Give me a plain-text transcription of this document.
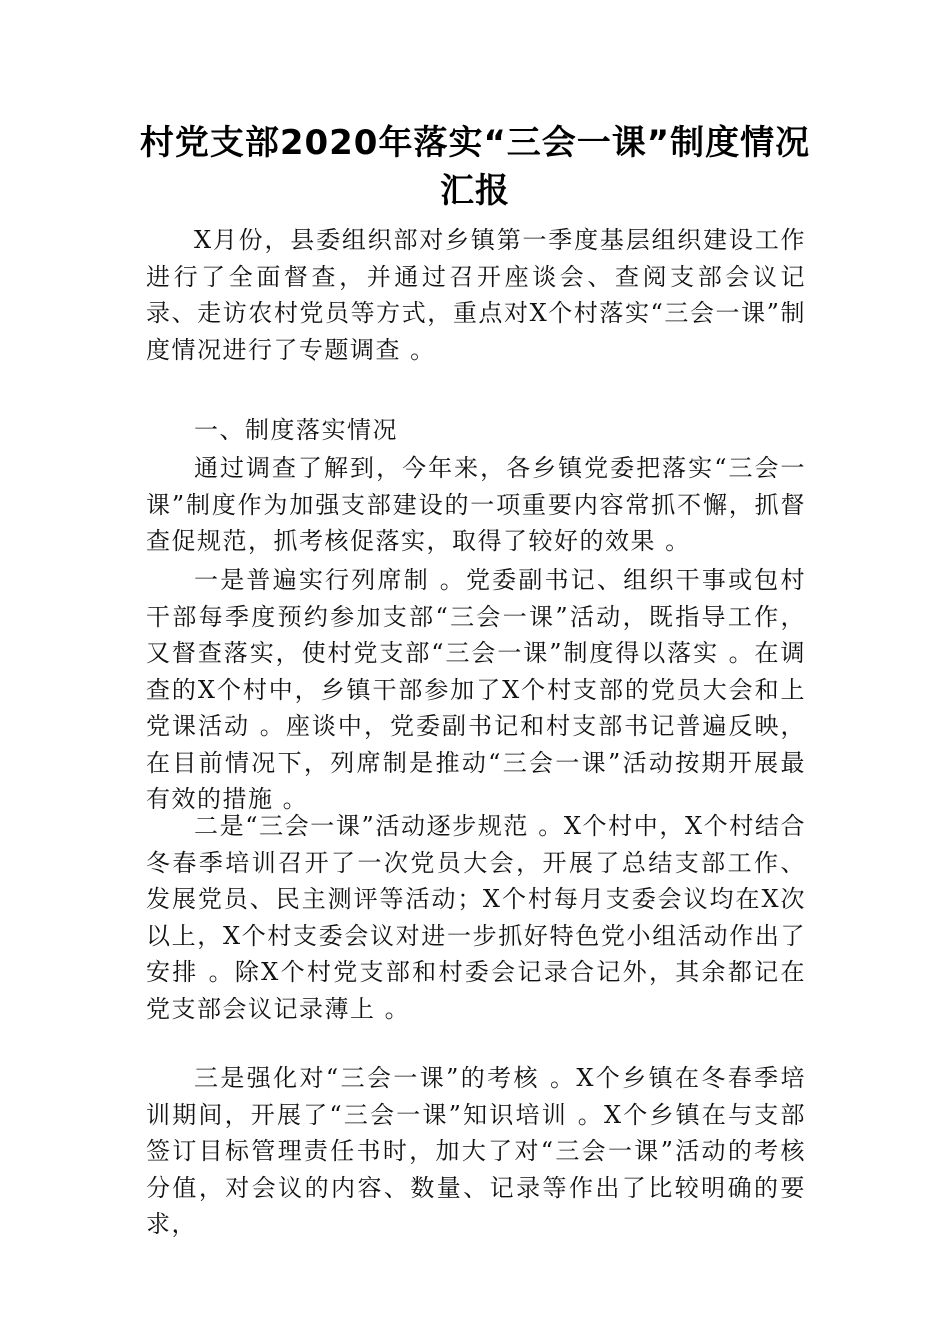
村党支部2020年落实“三会一课”制度情况
汇报

X月份，县委组织部对乡镇第一季度基层组织建设工作进行了全面督查，并通过召开座谈会、查阅支部会议记录、走访农村党员等方式，重点对X个村落实“三会一课”制度情况进行了专题调查 。

一、制度落实情况

通过调查了解到，今年来，各乡镇党委把落实“三会一课”制度作为加强支部建设的一项重要内容常抓不懈，抓督查促规范，抓考核促落实，取得了较好的效果 。

一是普遍实行列席制 。党委副书记、组织干事或包村干部每季度预约参加支部“三会一课”活动，既指导工作，又督查落实，使村党支部“三会一课”制度得以落实 。在调查的X个村中，乡镇干部参加了X个村支部的党员大会和上党课活动 。座谈中，党委副书记和村支部书记普遍反映，在目前情况下，列席制是推动“三会一课”活动按期开展最有效的措施 。

二是“三会一课”活动逐步规范 。X个村中，X个村结合冬春季培训召开了一次党员大会，开展了总结支部工作、发展党员、民主测评等活动；X个村每月支委会议均在X次以上，X个村支委会议对进一步抓好特色党小组活动作出了安排 。除X个村党支部和村委会记录合记外，其余都记在党支部会议记录薄上 。

三是强化对“三会一课”的考核 。X个乡镇在冬春季培训期间，开展了“三会一课”知识培训 。X个乡镇在与支部签订目标管理责任书时，加大了对“三会一课”活动的考核分值，对会议的内容、数量、记录等作出了比较明确的要求，
